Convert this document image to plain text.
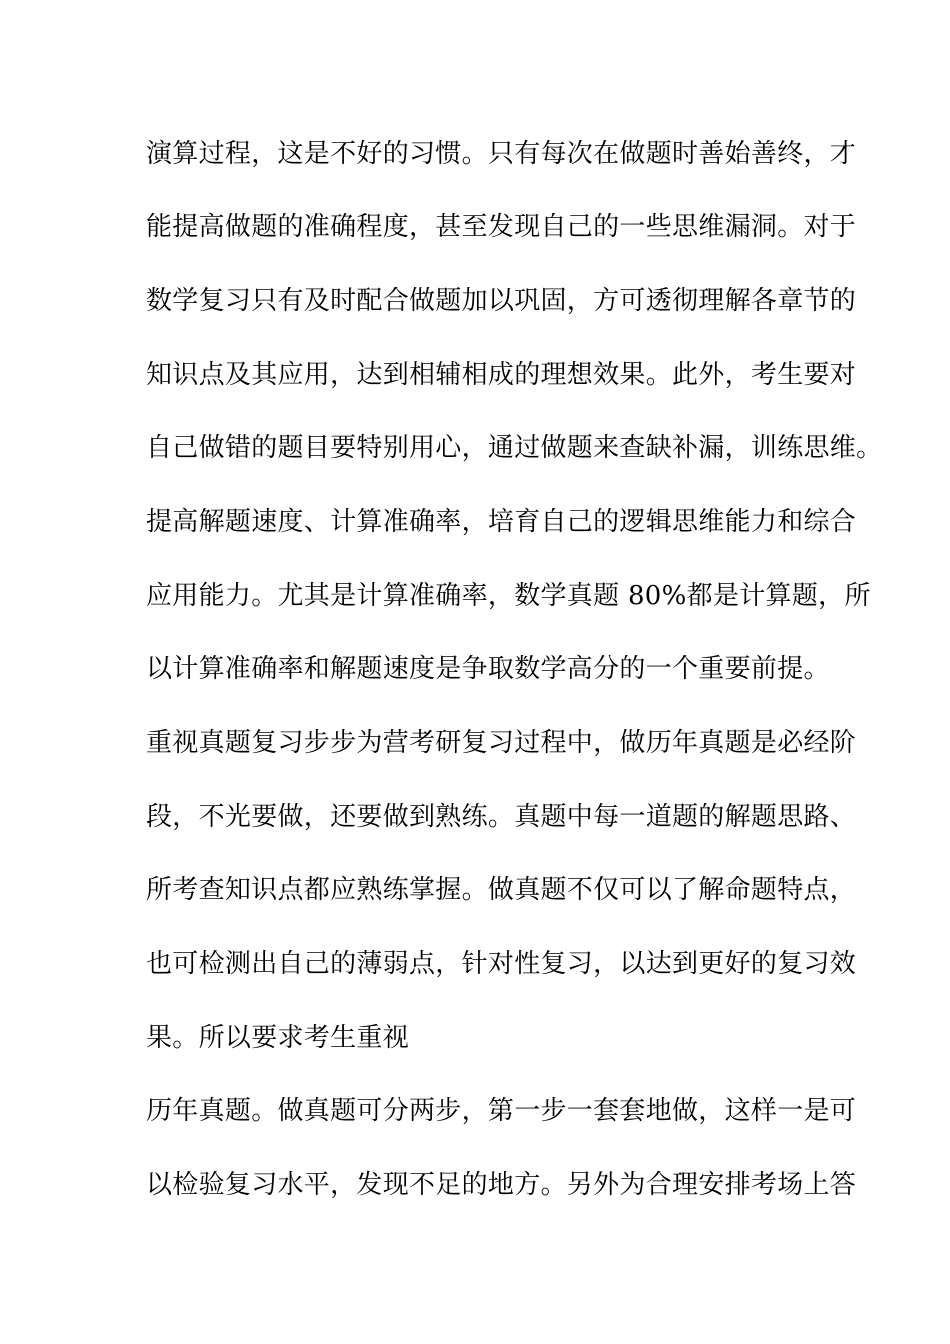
演算过程，这是不好的习惯。只有每次在做题时善始善终，才
能提高做题的准确程度，甚至发现自己的一些思维漏洞。对于
数学复习只有及时配合做题加以巩固，方可透彻理解各章节的
知识点及其应用，达到相辅相成的理想效果。此外，考生要对
自己做错的题目要特别用心，通过做题来查缺补漏，训练思维。
提高解题速度、计算准确率，培育自己的逻辑思维能力和综合
应用能力。尤其是计算准确率，数学真题 80%都是计算题，所
以计算准确率和解题速度是争取数学高分的一个重要前提。
重视真题复习步步为营考研复习过程中，做历年真题是必经阶
段，不光要做，还要做到熟练。真题中每一道题的解题思路、
所考查知识点都应熟练掌握。做真题不仅可以了解命题特点，
也可检测出自己的薄弱点，针对性复习，以达到更好的复习效
果。所以要求考生重视
历年真题。做真题可分两步，第一步一套套地做，这样一是可
以检验复习水平，发现不足的地方。另外为合理安排考场上答
